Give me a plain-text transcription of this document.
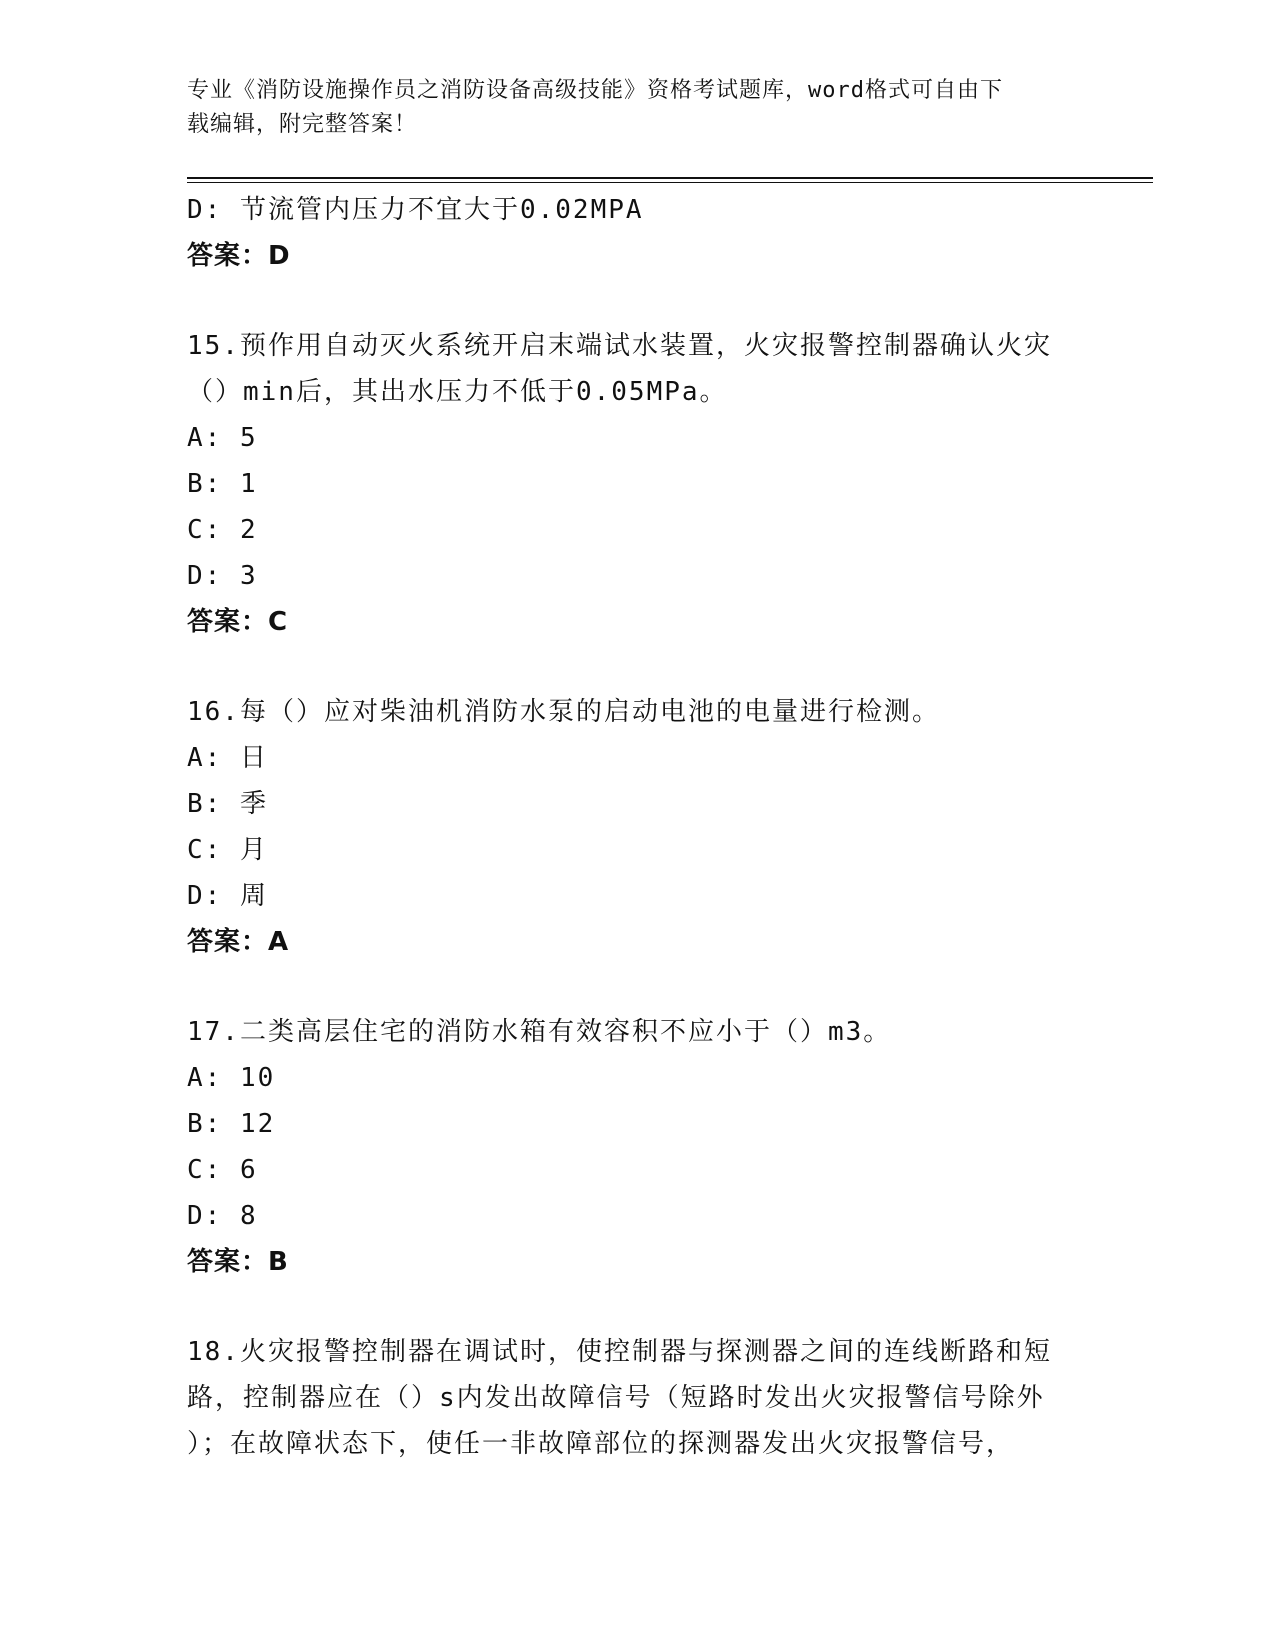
专业《消防设施操作员之消防设备高级技能》资格考试题库，word格式可自由下
载编辑，附完整答案！
D: 节流管内压力不宜大于0.02MPA
答案：D
15.预作用自动灭火系统开启末端试水装置，火灾报警控制器确认火灾
（）min后，其出水压力不低于0.05MPa。
A: 5
B: 1
C: 2
D: 3
答案：C
16.每（）应对柴油机消防水泵的启动电池的电量进行检测。
A: 日
B: 季
C: 月
D: 周
答案：A
17.二类高层住宅的消防水箱有效容积不应小于（）m3。
A: 10
B: 12
C: 6
D: 8
答案：B
18.火灾报警控制器在调试时，使控制器与探测器之间的连线断路和短
路，控制器应在（）s内发出故障信号（短路时发出火灾报警信号除外
）；在故障状态下，使任一非故障部位的探测器发出火灾报警信号，
